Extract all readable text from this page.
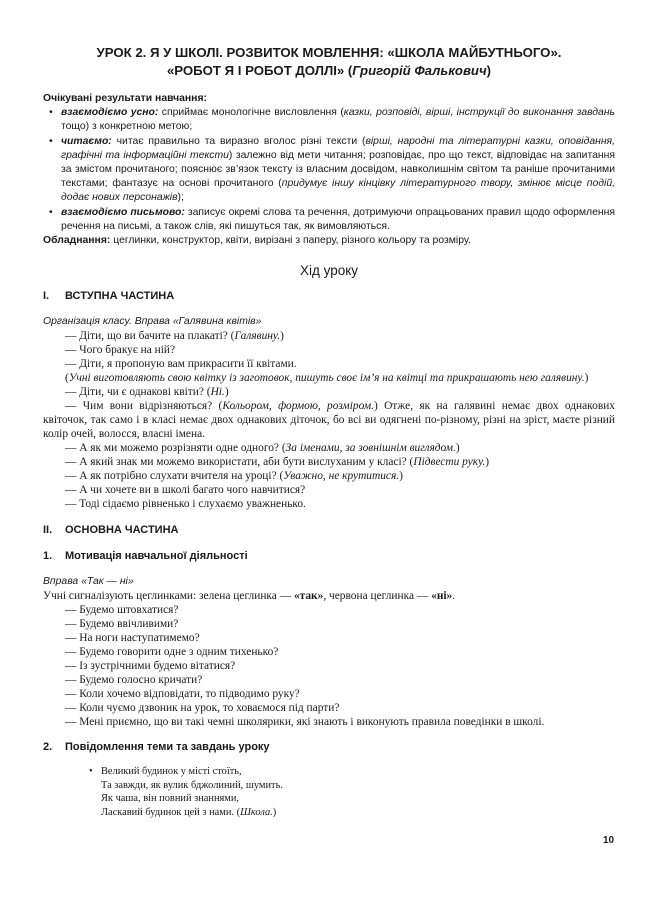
УРОК 2. Я У ШКОЛІ. РОЗВИТОК МОВЛЕННЯ: «ШКОЛА МАЙБУТНЬОГО».
«РОБОТ Я І РОБОТ ДОЛЛІ» (Григорій Фалькович)
Очікувані результати навчання:
• взаємодіємо усно: сприймає монологічне висловлення (казки, розповіді, вірші, інструкції до виконання завдань тощо) з конкретною метою;
• читаємо: читає правильно та виразно вголос різні тексти (вірші, народні та літературні казки, оповідання, графічні та інформаційні тексти) залежно від мети читання; розповідає, про що текст, відповідає на запитання за змістом прочитаного; пояснює зв’язок тексту із власним досвідом, навколишнім світом та раніше прочитаними текстами; фантазує на основі прочитаного (придумує іншу кінцівку літературного твору, змінює місце подій, додає нових персонажів);
• взаємодіємо письмово: записує окремі слова та речення, дотримуючи опрацьованих правил щодо оформлення речення на письмі, а також слів, які пишуться так, як вимовляються.
Обладнання: цеглинки, конструктор, квіти, вирізані з паперу, різного кольору та розміру.
Хід уроку
I. ВСТУПНА ЧАСТИНА
Організація класу. Вправа «Галявина квітів»

— Діти, що ви бачите на плакаті? (Галявину.)

— Чого бракує на ній?

— Діти, я пропоную вам прикрасити її квітами.

(Учні виготовляють свою квітку із заготовок, пишуть своє ім’я на квітці та прикрашають нею галявину.)

— Діти, чи є однакові квіти? (Ні.)

— Чим вони відрізняються? (Кольором, формою, розміром.) Отже, як на галявині немає двох однакових квіточок, так само і в класі немає двох однакових діточок, бо всі ви одягнені по-різному, різні на зріст, маєте різний колір очей, волосся, власні імена.

— А як ми можемо розрізняти одне одного? (За іменами, за зовнішнім виглядом.)

— А який знак ми можемо використати, аби бути вислуханим у класі? (Підвести руку.)

— А як потрібно слухати вчителя на уроці? (Уважно, не крутитися.)

— А чи хочете ви в школі багато чого навчитися?

— Тоді сідаємо рівненько і слухаємо уважненько.

II. ОСНОВНА ЧАСТИНА
1. Мотивація навчальної діяльності
Вправа «Так — ні»

Учні сигналізують цеглинками: зелена цеглинка — «так», червона цеглинка — «ні».

— Будемо штовхатися?

— Будемо ввічливими?

— На ноги наступатимемо?

— Будемо говорити одне з одним тихенько?

— Із зустрічними будемо вітатися?

— Будемо голосно кричати?

— Коли хочемо відповідати, то підводимо руку?

— Коли чуємо дзвоник на урок, то ховаємося під парти?

— Мені приємно, що ви такі чемні школярики, які знають і виконують правила поведінки в школі.

2. Повідомлення теми та завдань уроку
• Великий будинок у місті стоїть,
Та завжди, як вулик бджолиний, шумить.
Як чаша, він повний знаннями,
Ласкавий будинок цей з нами. (Школа.)
10
